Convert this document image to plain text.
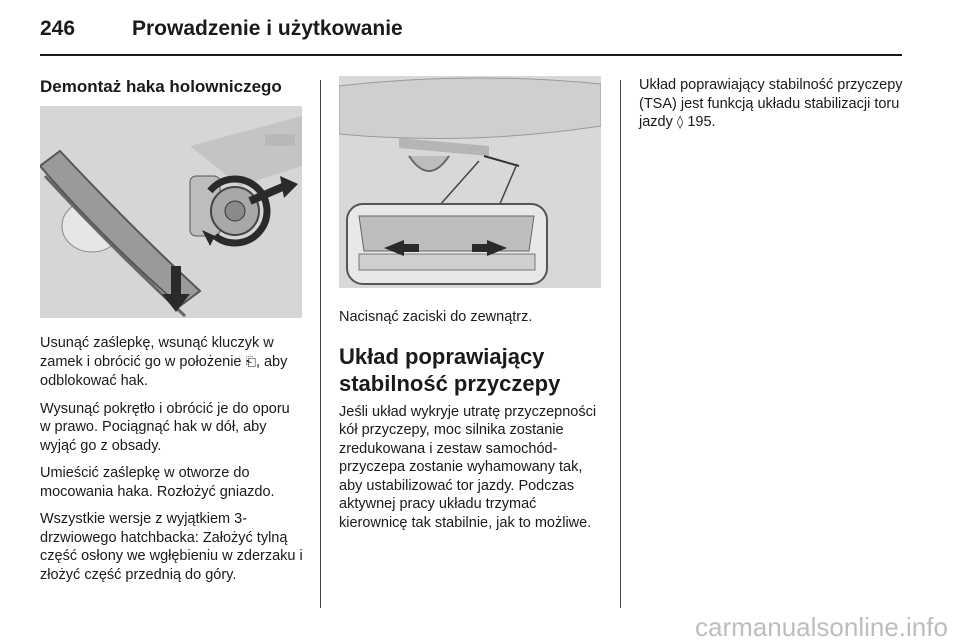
246	Prowadzenie i użytkowanie
Demontaż haka holowniczego

Usunąć zaślepkę, wsunąć kluczyk w zamek i obrócić go w położenie ⎗, aby odblokować hak.

Wysunąć pokrętło i obrócić je do oporu w prawo. Pociągnąć hak w dół, aby wyjąć go z obsady.

Umieścić zaślepkę w otworze do mocowania haka. Rozłożyć gniazdo.

Wszystkie wersje z wyjątkiem 3-drzwiowego hatchbacka: Założyć tylną część osłony we wgłębieniu w zderzaku i złożyć część przednią do góry.

Nacisnąć zaciski do zewnątrz.

Układ poprawiający stabilność przyczepy

Jeśli układ wykryje utratę przyczepności kół przyczepy, moc silnika zostanie zredukowana i zestaw samochód-przyczepa zostanie wyhamowany tak, aby ustabilizować tor jazdy. Podczas aktywnej pracy układu trzymać kierownicę tak stabilnie, jak to możliwe.

Układ poprawiający stabilność przyczepy (TSA) jest funkcją układu stabilizacji toru jazdy ◊ 195.

carmanualsonline.info
